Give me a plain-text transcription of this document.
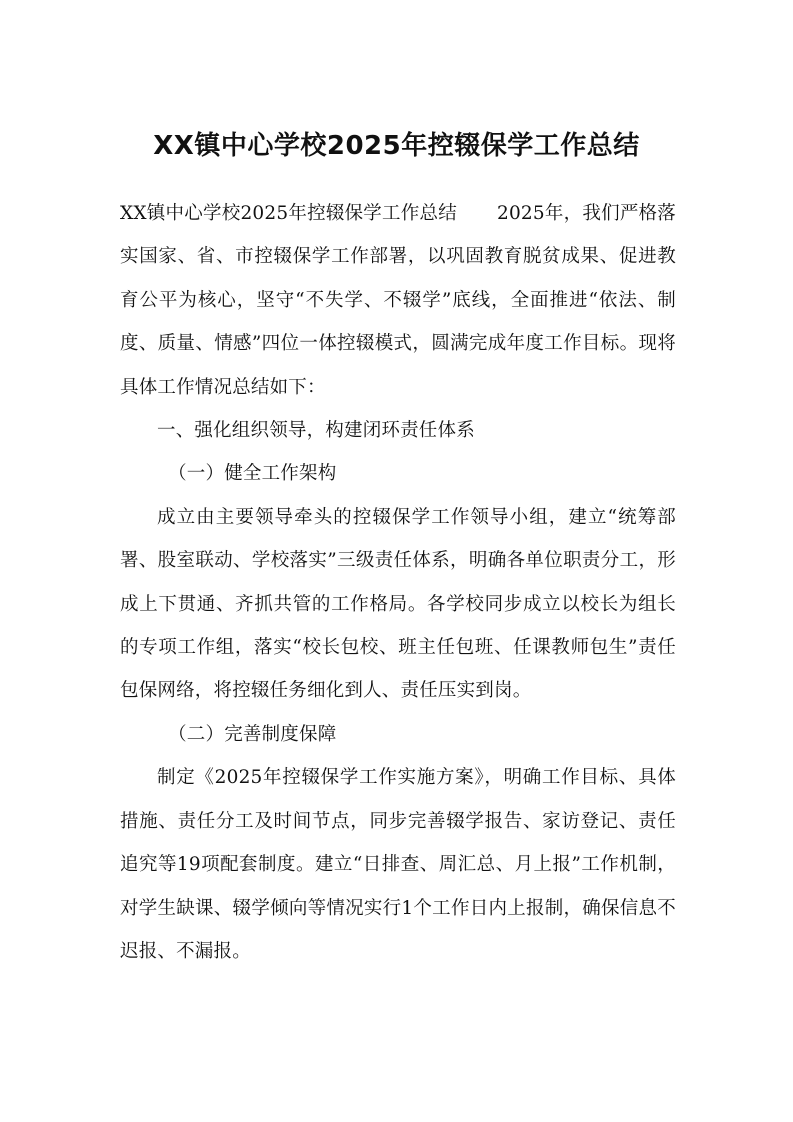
XX镇中心学校2025年控辍保学工作总结

XX镇中心学校2025年控辍保学工作总结 2025年，我们严格落实国家、省、市控辍保学工作部署，以巩固教育脱贫成果、促进教育公平为核心，坚守“不失学、不辍学”底线，全面推进“依法、制度、质量、情感”四位一体控辍模式，圆满完成年度工作目标。现将具体工作情况总结如下：

一、强化组织领导，构建闭环责任体系

（一）健全工作架构

成立由主要领导牵头的控辍保学工作领导小组，建立“统筹部署、股室联动、学校落实”三级责任体系，明确各单位职责分工，形成上下贯通、齐抓共管的工作格局。各学校同步成立以校长为组长的专项工作组，落实“校长包校、班主任包班、任课教师包生”责任包保网络，将控辍任务细化到人、责任压实到岗。

（二）完善制度保障

制定《2025年控辍保学工作实施方案》，明确工作目标、具体措施、责任分工及时间节点，同步完善辍学报告、家访登记、责任追究等19项配套制度。建立“日排查、周汇总、月上报”工作机制，对学生缺课、辍学倾向等情况实行1个工作日内上报制，确保信息不迟报、不漏报。
